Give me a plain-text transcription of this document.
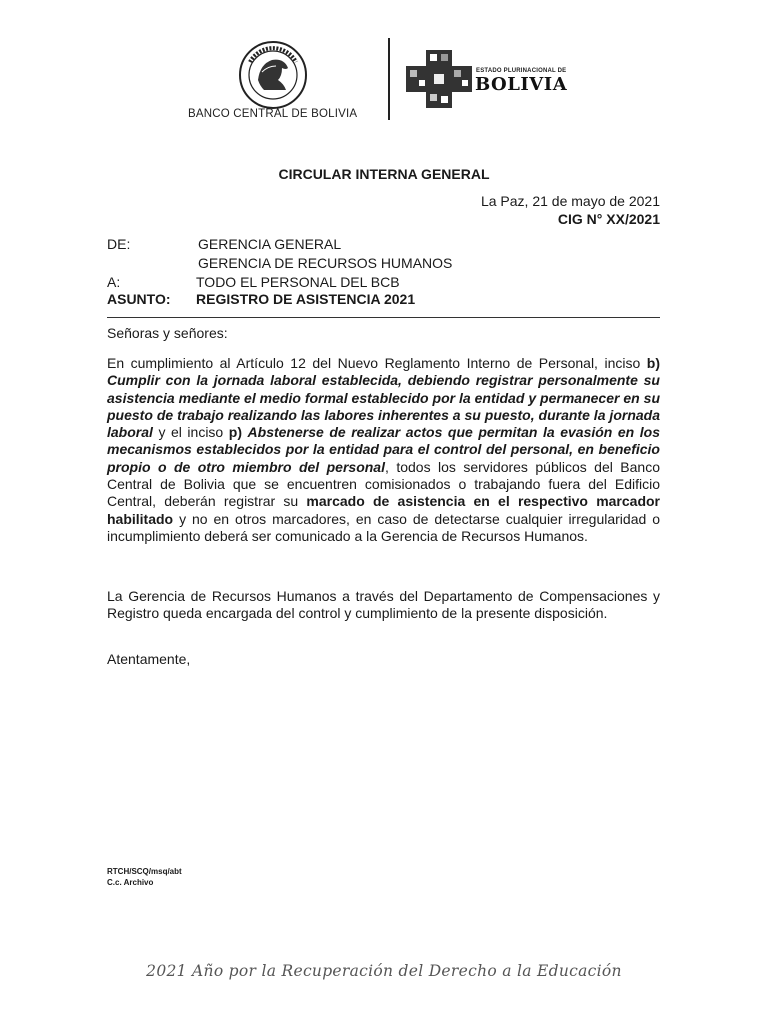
BANCO CENTRAL DE BOLIVIA
ESTADO PLURINACIONAL DE
BOLIVIA
CIRCULAR INTERNA GENERAL
La Paz, 21 de mayo de 2021
CIG N° XX/2021
DE:	GERENCIA GENERAL
GERENCIA DE RECURSOS HUMANOS
A:	TODO EL PERSONAL DEL BCB
ASUNTO: REGISTRO DE ASISTENCIA 2021
Señoras y señores:
En cumplimiento al Artículo 12 del Nuevo Reglamento Interno de Personal, inciso b) Cumplir con la jornada laboral establecida, debiendo registrar personalmente su asistencia mediante el medio formal establecido por la entidad y permanecer en su puesto de trabajo realizando las labores inherentes a su puesto, durante la jornada laboral y el inciso p) Abstenerse de realizar actos que permitan la evasión en los mecanismos establecidos por la entidad para el control del personal, en beneficio propio o de otro miembro del personal, todos los servidores públicos del Banco Central de Bolivia que se encuentren comisionados o trabajando fuera del Edificio Central, deberán registrar su marcado de asistencia en el respectivo marcador habilitado y no en otros marcadores, en caso de detectarse cualquier irregularidad o incumplimiento deberá ser comunicado a la Gerencia de Recursos Humanos.
La Gerencia de Recursos Humanos a través del Departamento de Compensaciones y Registro queda encargada del control y cumplimiento de la presente disposición.
Atentamente,
RTCH/SCQ/msq/abt
C.c. Archivo
2021 Año por la Recuperación del Derecho a la Educación
